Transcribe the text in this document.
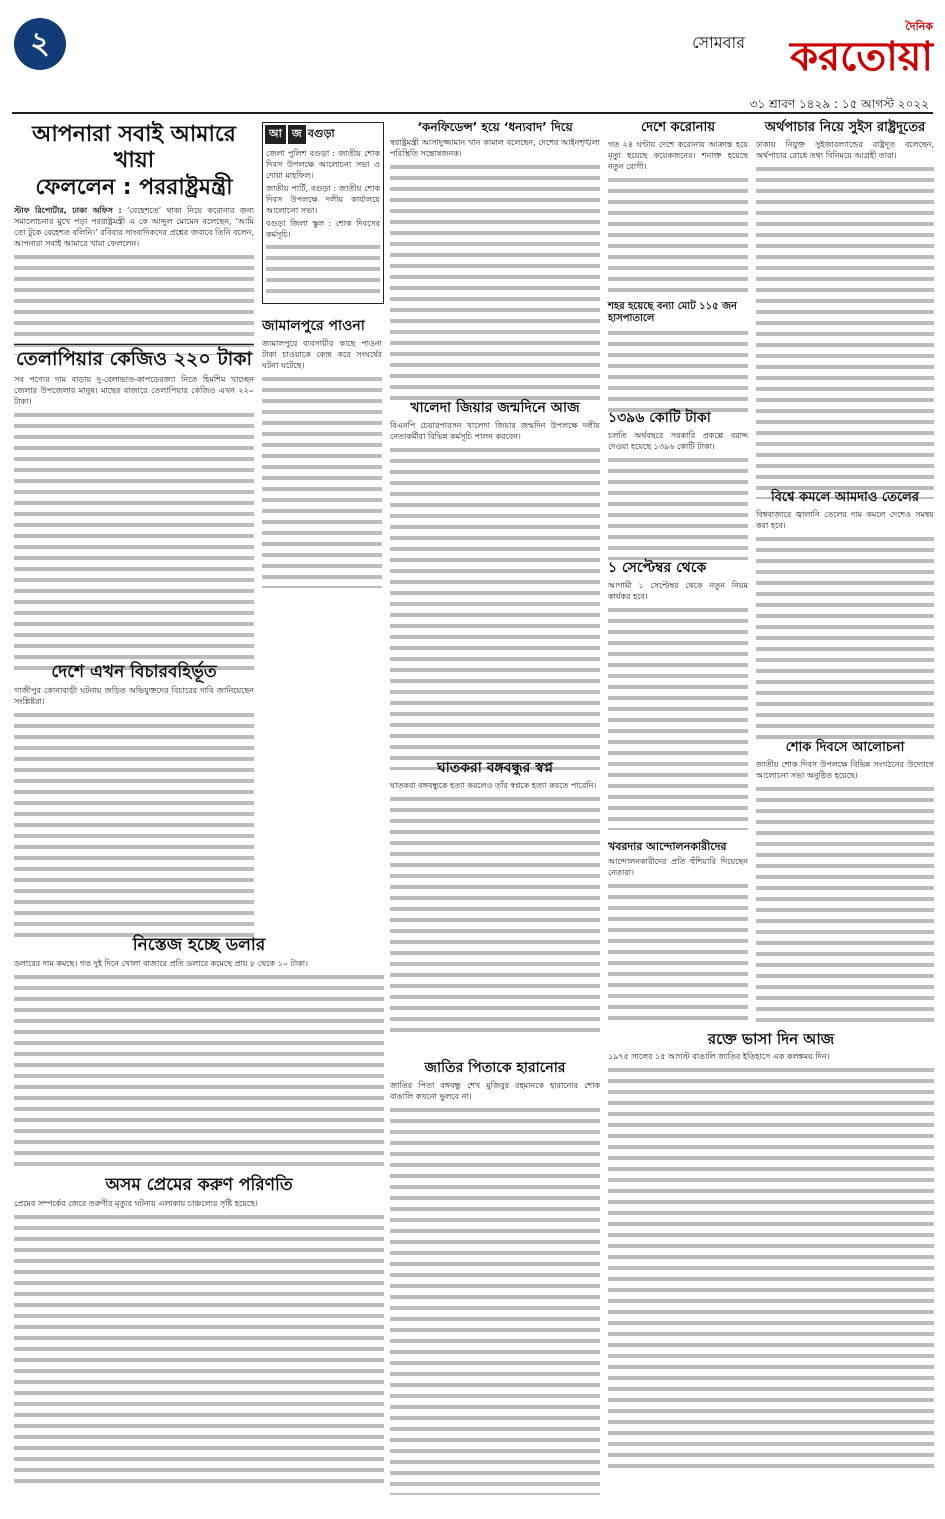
২	সোমবার
দৈনিক
করতোয়া
৩১ শ্রাবণ ১৪২৯ : ১৫ আগস্ট ২০২২
আপনারা সবাই আমারে খায়া
ফেললেন : পররাষ্ট্রমন্ত্রী
স্টাফ রিপোর্টার, ঢাকা অফিস : ‘বেহেশতে’ থাকা নিয়ে করোনার জন্য সমালোচনার মুখে পড়া পররাষ্ট্রমন্ত্রী এ কে আব্দুল মোমেন বলেছেন, ‘আমি তো টুকে বেহেশত বলিনি।’ রবিবার সাংবাদিকদের প্রশ্নের জবাবে তিনি বলেন, আপনারা সবাই আমারে খায়া ফেললেন।
তেলাপিয়ার কেজিও ২২০ টাকা
সব পণ্যের দাম বাড়ায় দু-বেলাভাত-কাপড়েরজ্যা নিতে হিমশিম খাচ্ছেন জেলার উপজেলার মানুষ। মাছের বাজারে তেলাপিয়ার কেজিও এখন ২২০ টাকা।
দেশে এখন বিচারবহির্ভূত
গাজীপুর কোনাবাড়ী ঘটনায় জড়িত অভিযুক্তদের বিচারের দাবি জানিয়েছেন সংশ্লিষ্টরা।
আ জ বগুড়া

জেলা পুলিশ বগুড়া : জাতীয় শোক দিবস উপলক্ষে আলোচনা সভা ও দোয়া মাহফিল।

জাতীয় পার্টি, বগুড়া : জাতীয় শোক দিবস উপলক্ষে দলীয় কার্যালয়ে আলোচনা সভা।

বগুড়া জিলা স্কুল : শোক দিবসের কর্মসূচি।

জামালপুরে পাওনা
জামালপুরে ব্যবসায়ীর কাছে পাওনা টাকা চাওয়াকে কেন্দ্র করে সংঘর্ষের ঘটনা ঘটেছে।
‘কনফিডেন্স’ হয়ে ‘ধন্যবাদ’ দিয়ে
স্বরাষ্ট্রমন্ত্রী আসাদুজ্জামান খান কামাল বলেছেন, দেশের আইনশৃঙ্খলা পরিস্থিতি সন্তোষজনক।
খালেদা জিয়ার জন্মদিনে আজ
বিএনপি চেয়ারপারসন খালেদা জিয়ার জন্মদিন উপলক্ষে দলীয় নেতাকর্মীরা বিভিন্ন কর্মসূচি পালন করবেন।
ঘাতকরা বঙ্গবন্ধুর স্বপ্ন
ঘাতকরা বঙ্গবন্ধুকে হত্যা করলেও তাঁর স্বপ্নকে হত্যা করতে পারেনি।
জাতির পিতাকে হারানোর
জাতির পিতা বঙ্গবন্ধু শেখ মুজিবুর রহমানকে হারানোর শোক বাঙালি কখনো ভুলবে না।
নিস্তেজ হচ্ছে ডলার
ডলারের দাম কমছে। গত দুই দিনে খোলা বাজারে প্রতি ডলারে কমেছে প্রায় ৮ থেকে ১০ টাকা।
অসম প্রেমের করুণ পরিণতি
প্রেমের সম্পর্কের জেরে তরুণীর মৃত্যুর ঘটনায় এলাকায় চাঞ্চল্যের সৃষ্টি হয়েছে।
দেশে করোনায়
গত ২৪ ঘণ্টায় দেশে করোনায় আক্রান্ত হয়ে মৃত্যু হয়েছে কয়েকজনের। শনাক্ত হয়েছে নতুন রোগী।
শহর হয়েছে বন্যা মোট ১১৫ জন হাসপাতালে
১৩৯৬ কোটি টাকা
চলতি অর্থবছরে সরকারি প্রকল্পে বরাদ্দ দেওয়া হয়েছে ১৩৯৬ কোটি টাকা।
১ সেপ্টেম্বর থেকে
আগামী ১ সেপ্টেম্বর থেকে নতুন নিয়ম কার্যকর হবে।
খবরদার আন্দোলনকারীদের
আন্দোলনকারীদের প্রতি হুঁশিয়ারি দিয়েছেন নেতারা।
অর্থপাচার নিয়ে সুইস রাষ্ট্রদূতের
ঢাকায় নিযুক্ত সুইজারল্যান্ডের রাষ্ট্রদূত বলেছেন, অর্থপাচার রোধে তথ্য বিনিময়ে আগ্রহী তারা।
বিশ্বে কমলে আমদাও তেলের
বিশ্ববাজারে জ্বালানি তেলের দাম কমলে দেশেও সমন্বয় করা হবে।
শোক দিবসে আলোচনা
জাতীয় শোক দিবস উপলক্ষে বিভিন্ন সংগঠনের উদ্যোগে আলোচনা সভা অনুষ্ঠিত হয়েছে।
রক্তে ভাসা দিন আজ
১৯৭৫ সালের ১৫ আগস্ট বাঙালি জাতির ইতিহাসে এক কলঙ্কময় দিন।
